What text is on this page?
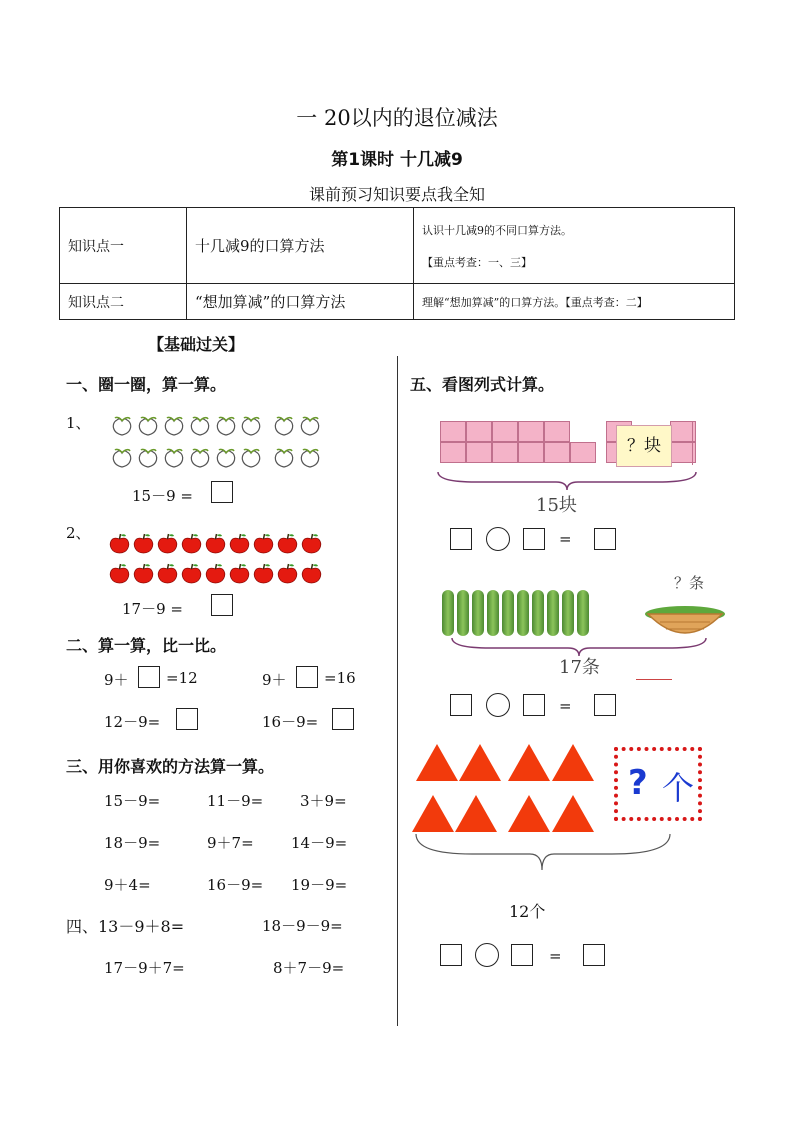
一 20以内的退位减法
第1课时 十几减9
课前预习知识要点我全知
知识点一	十几减9的口算方法	认识十几减9的不同口算方法。
【重点考查：一、三】

知识点二	“想加算减”的口算方法	理解“想加算减”的口算方法。【重点考查：二】
【基础过关】
一、圈一圈，算一算。
1、
15－9 =
2、
17－9 =
二、算一算，比一比。
9＋ =12	9＋ =16
12－9=	16－9=
三、用你喜欢的方法算一算。
15－9=	11－9= 3＋9=
18－9=	9＋7= 14－9=
9＋4=	16－9= 19－9=
四、13－9＋8=	18－9－9=
17－9＋7=	8＋7－9=
五、看图列式计算。
？块
15块
=
？条
17条
=
? 个
12个
=
